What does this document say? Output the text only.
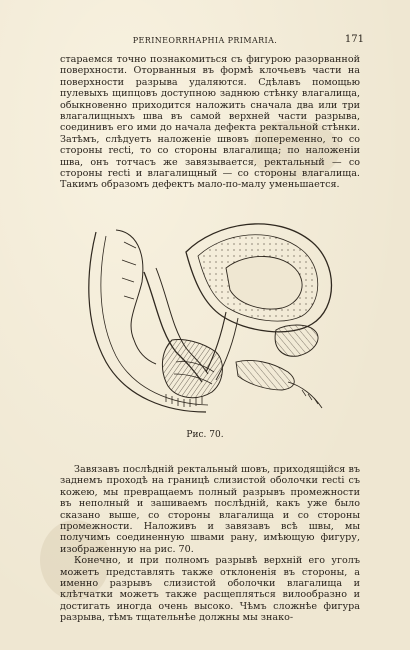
PERINEORRHAPHIA PRIMARIA.	171

стараемся точно познакомиться съ фигурою разорванной поверхности. Оторванныя въ формѣ клочьевъ части на поверхности разрыва удаляются. Сдѣлавъ помощью пулевыхъ щипцовъ доступною заднюю стѣнку влагалища, обыкновенно приходится наложить сначала два или три влагалищныхъ шва въ самой верхней части разрыва, соединивъ его ими до начала дефекта ректальной стѣнки. Затѣмъ, слѣдуетъ наложеніе швовъ попеременно, то со стороны recti, то со стороны влагалища; по наложеніи шва, онъ тотчасъ же завязывается, ректальный — со стороны recti и влагалищный — со стороны влагалища. Такимъ образомъ дефектъ мало-по-малу уменьшается.

Рис. 70.

Завязавъ послѣдній ректальный шовъ, приходящійся въ заднемъ проходѣ на границѣ слизистой оболочки recti съ кожею, мы превращаемъ полный разрывъ промежности въ неполный и зашиваемъ послѣдній, какъ уже было сказано выше, со стороны влагалища и со стороны промежности. Наложивъ и завязавъ всѣ швы, мы получимъ соединенную швами рану, имѣющую фигуру, изображенную на рис. 70.

Конечно, и при полномъ разрывѣ верхній его уголъ можетъ представлять также отклоненія въ стороны, а именно разрывъ слизистой оболочки влагалища и клѣтчатки можетъ также расщепляться вилообразно и достигать иногда очень высоко. Чѣмъ сложнѣе фигура разрыва, тѣмъ тщательнѣе должны мы знако-
